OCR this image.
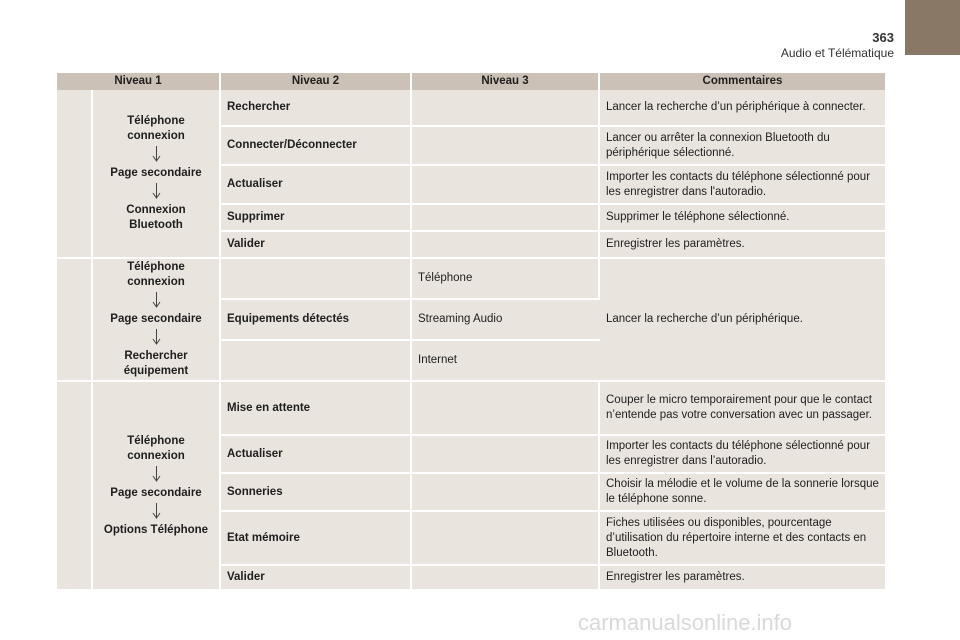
363
Audio et Télématique
Niveau 1		Niveau 2	Niveau 3	Commentaires

	Téléphone
connexion
Page secondaire
Connexion
Bluetooth	Rechercher		Lancer la recherche d’un périphérique à connecter.
		Connecter/Déconnecter		Lancer ou arrêter la connexion Bluetooth du périphérique sélectionné.
		Actualiser		Importer les contacts du téléphone sélectionné pour les enregistrer dans l'autoradio.
		Supprimer		Supprimer le téléphone sélectionné.
		Valider		Enregistrer les paramètres.

	Téléphone
connexion
Page secondaire
Rechercher
équipement		Téléphone	Lancer la recherche d’un périphérique.
		Equipements détectés	Streaming Audio	
			Internet	

	Téléphone
connexion
Page secondaire
Options Téléphone	Mise en attente		Couper le micro temporairement pour que le contact n’entende pas votre conversation avec un passager.
		Actualiser		Importer les contacts du téléphone sélectionné pour les enregistrer dans l’autoradio.
		Sonneries		Choisir la mélodie et le volume de la sonnerie lorsque le téléphone sonne.
		Etat mémoire		Fiches utilisées ou disponibles, pourcentage d’utilisation du répertoire interne et des contacts en Bluetooth.
		Valider		Enregistrer les paramètres.
carmanualsonline.info
